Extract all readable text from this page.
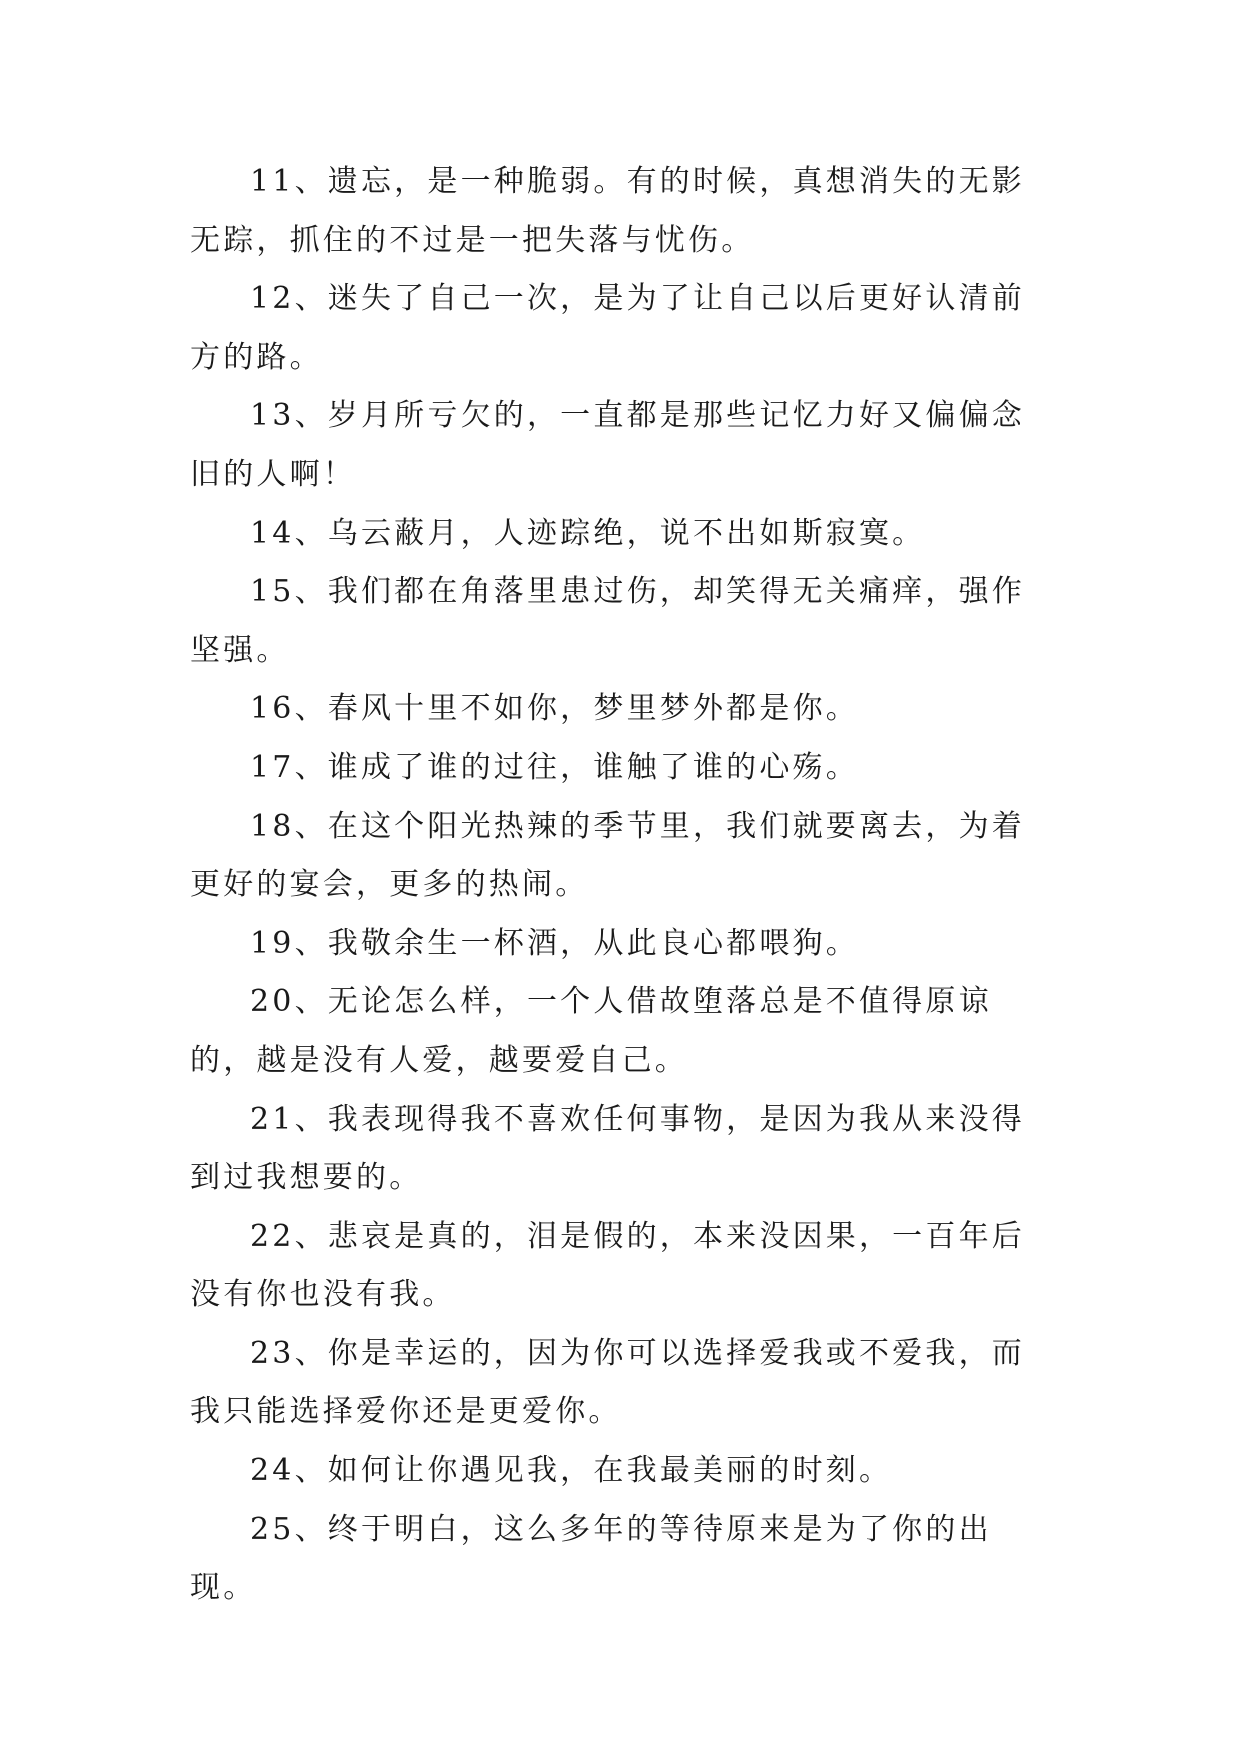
11、遗忘，是一种脆弱。有的时候，真想消失的无影无踪，抓住的不过是一把失落与忧伤。

12、迷失了自己一次，是为了让自己以后更好认清前方的路。

13、岁月所亏欠的，一直都是那些记忆力好又偏偏念旧的人啊！

14、乌云蔽月，人迹踪绝，说不出如斯寂寞。

15、我们都在角落里患过伤，却笑得无关痛痒，强作坚强。

16、春风十里不如你，梦里梦外都是你。

17、谁成了谁的过往，谁触了谁的心殇。

18、在这个阳光热辣的季节里，我们就要离去，为着更好的宴会，更多的热闹。

19、我敬余生一杯酒，从此良心都喂狗。

20、无论怎么样，一个人借故堕落总是不值得原谅的，越是没有人爱，越要爱自己。

21、我表现得我不喜欢任何事物，是因为我从来没得到过我想要的。

22、悲哀是真的，泪是假的，本来没因果，一百年后没有你也没有我。

23、你是幸运的，因为你可以选择爱我或不爱我，而我只能选择爱你还是更爱你。

24、如何让你遇见我，在我最美丽的时刻。

25、终于明白，这么多年的等待原来是为了你的出现。
